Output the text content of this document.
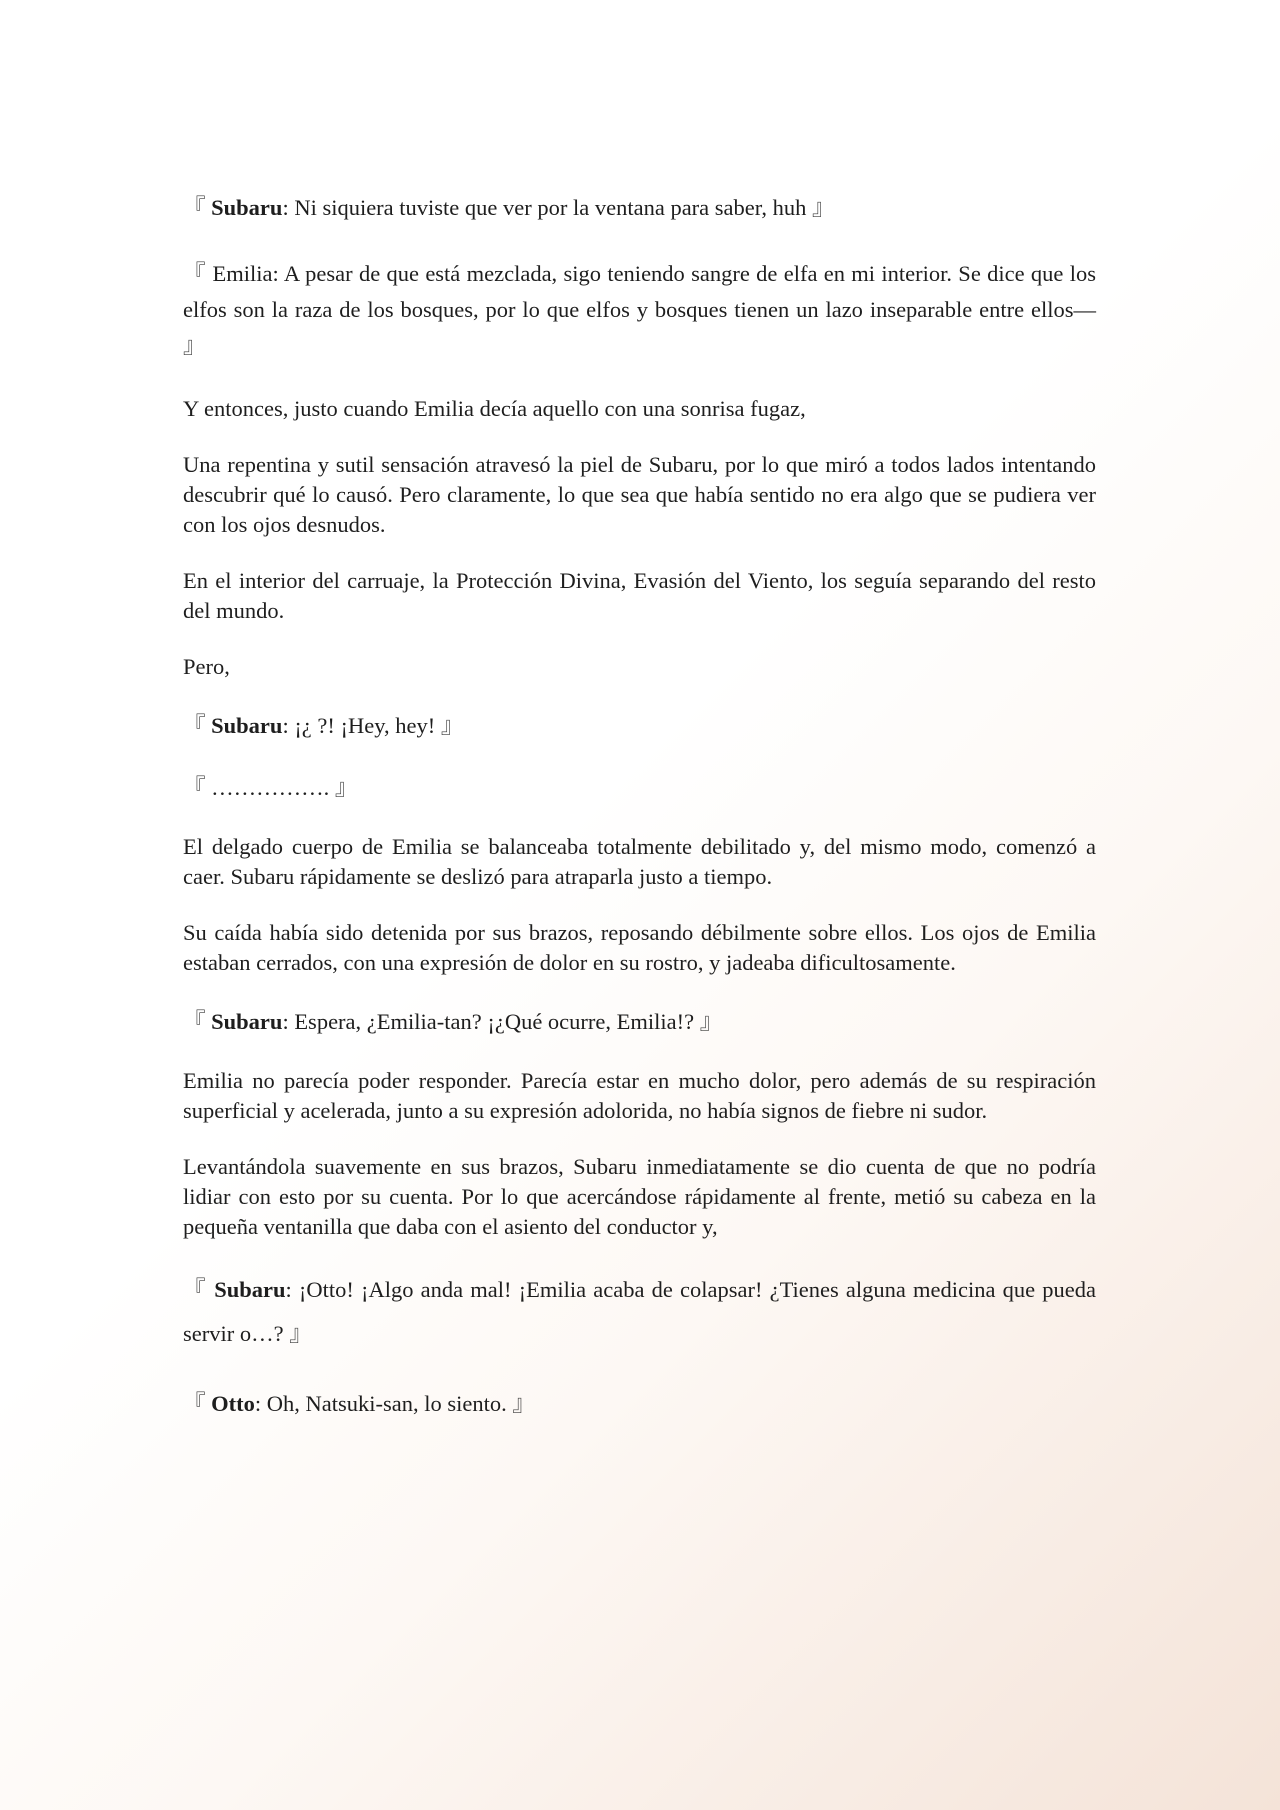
『 Subaru: Ni siquiera tuviste que ver por la ventana para saber, huh 』

『 Emilia: A pesar de que está mezclada, sigo teniendo sangre de elfa en mi interior. Se dice que los elfos son la raza de los bosques, por lo que elfos y bosques tienen un lazo inseparable entre ellos— 』

Y entonces, justo cuando Emilia decía aquello con una sonrisa fugaz,

Una repentina y sutil sensación atravesó la piel de Subaru, por lo que miró a todos lados intentando descubrir qué lo causó. Pero claramente, lo que sea que había sentido no era algo que se pudiera ver con los ojos desnudos.

En el interior del carruaje, la Protección Divina, Evasión del Viento, los seguía separando del resto del mundo.

Pero,

『 Subaru: ¡¿ ?! ¡Hey, hey! 』

『 ……………. 』

El delgado cuerpo de Emilia se balanceaba totalmente debilitado y, del mismo modo, comenzó a caer. Subaru rápidamente se deslizó para atraparla justo a tiempo.

Su caída había sido detenida por sus brazos, reposando débilmente sobre ellos. Los ojos de Emilia estaban cerrados, con una expresión de dolor en su rostro, y jadeaba dificultosamente.

『 Subaru: Espera, ¿Emilia-tan? ¡¿Qué ocurre, Emilia!? 』

Emilia no parecía poder responder. Parecía estar en mucho dolor, pero además de su respiración superficial y acelerada, junto a su expresión adolorida, no había signos de fiebre ni sudor.

Levantándola suavemente en sus brazos, Subaru inmediatamente se dio cuenta de que no podría lidiar con esto por su cuenta. Por lo que acercándose rápidamente al frente, metió su cabeza en la pequeña ventanilla que daba con el asiento del conductor y,

『 Subaru: ¡Otto! ¡Algo anda mal! ¡Emilia acaba de colapsar! ¿Tienes alguna medicina que pueda servir o…? 』

『 Otto: Oh, Natsuki-san, lo siento. 』
